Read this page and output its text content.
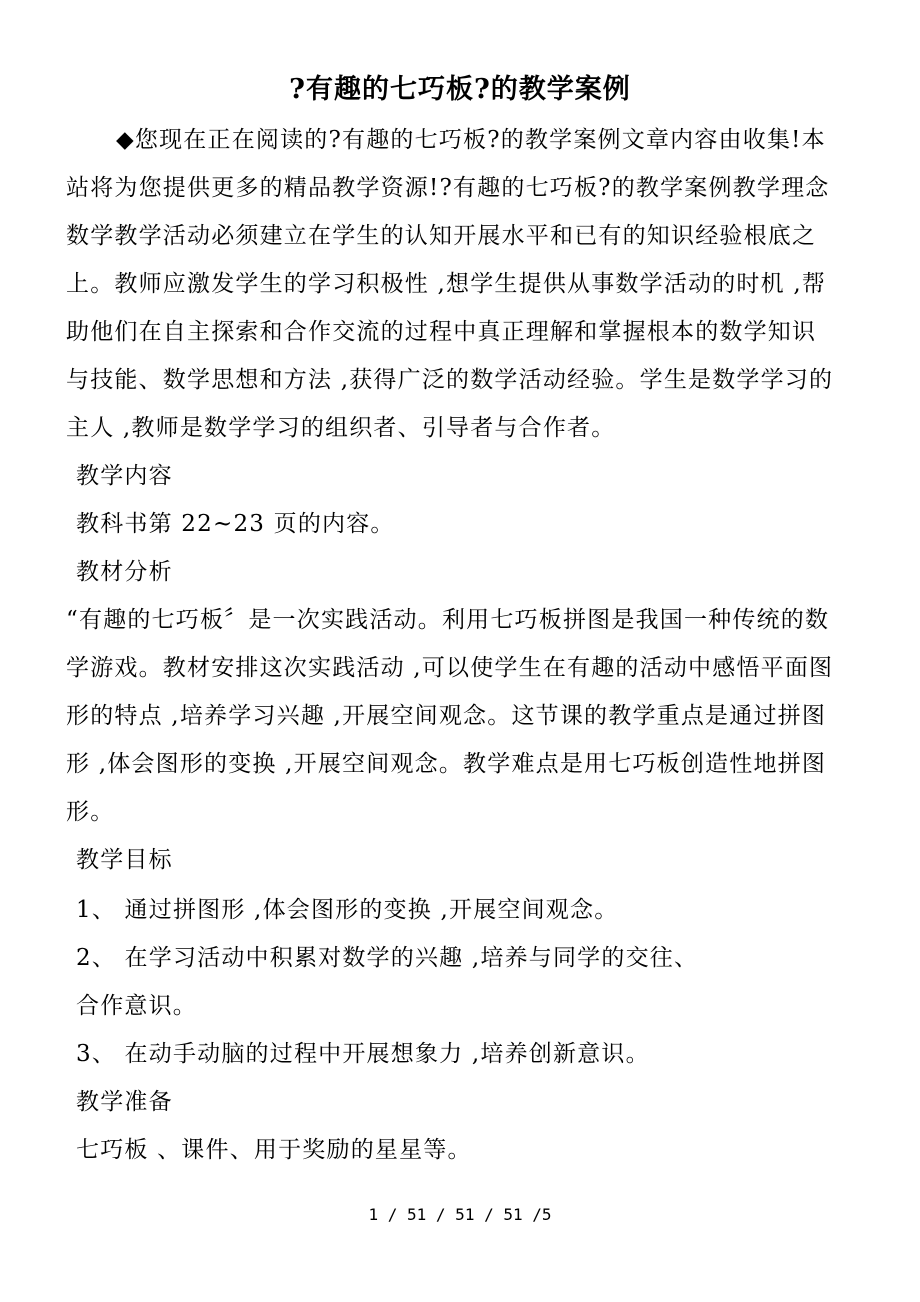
?有趣的七巧板?的教学案例
◆您现在正在阅读的?有趣的七巧板?的教学案例文章内容由收集!本
站将为您提供更多的精品教学资源!?有趣的七巧板?的教学案例教学理念
数学教学活动必须建立在学生的认知开展水平和已有的知识经验根底之
上。教师应激发学生的学习积极性 ,想学生提供从事数学活动的时机 ,帮
助他们在自主探索和合作交流的过程中真正理解和掌握根本的数学知识
与技能、数学思想和方法 ,获得广泛的数学活动经验。学生是数学学习的
主人 ,教师是数学学习的组织者、引导者与合作者。
教学内容
教科书第 22~23 页的内容。
教材分析
“有趣的七巧板〞是一次实践活动。利用七巧板拼图是我国一种传统的数
学游戏。教材安排这次实践活动 ,可以使学生在有趣的活动中感悟平面图
形的特点 ,培养学习兴趣 ,开展空间观念。这节课的教学重点是通过拼图
形 ,体会图形的变换 ,开展空间观念。教学难点是用七巧板创造性地拼图
形。
教学目标
1、 通过拼图形 ,体会图形的变换 ,开展空间观念。
2、 在学习活动中积累对数学的兴趣 ,培养与同学的交往、
合作意识。
3、 在动手动脑的过程中开展想象力 ,培养创新意识。
教学准备
七巧板 、课件、用于奖励的星星等。
1 / 51 / 51 / 51 /5
